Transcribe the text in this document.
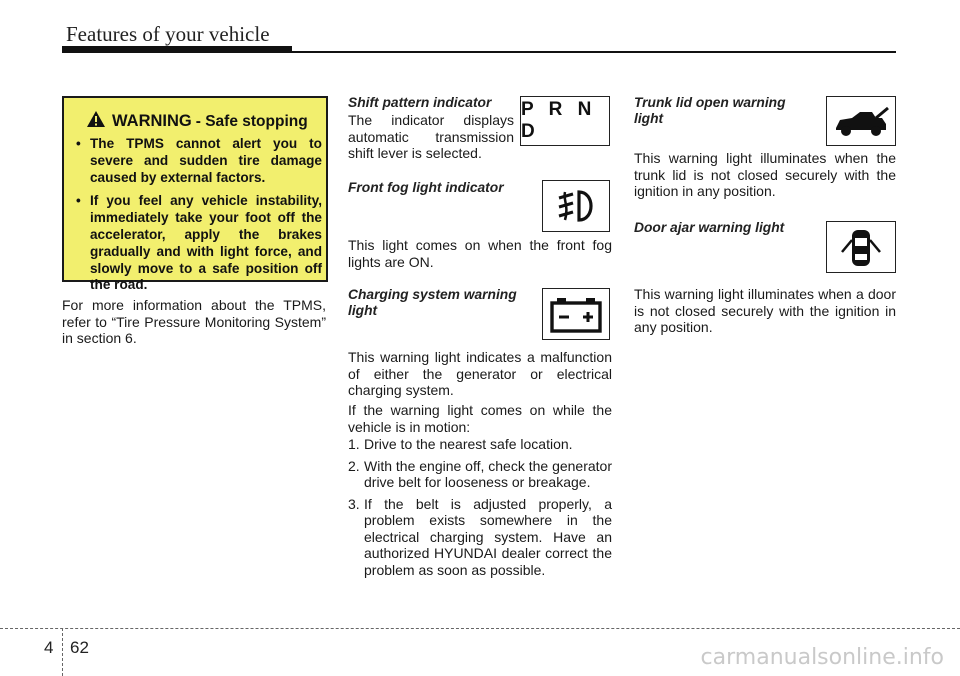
Features of your vehicle
WARNING - Safe stopping
• The TPMS cannot alert you to severe and sudden tire damage caused by external factors.
• If you feel any vehicle instability, immediately take your foot off the accelerator, apply the brakes gradually and with light force, and slowly move to a safe position off the road.
For more information about the TPMS, refer to “Tire Pressure Monitoring System” in section 6.
Shift pattern indicator
The indicator displays automatic transmission shift lever is selected.
P R N D
Front fog light indicator
This light comes on when the front fog lights are ON.
Charging system warning light
This warning light indicates a malfunction of either the generator or electrical charging system.
If the warning light comes on while the vehicle is in motion:
1. Drive to the nearest safe location.
2. With the engine off, check the generator drive belt for looseness or breakage.
3. If the belt is adjusted properly, a problem exists somewhere in the electrical charging system. Have an authorized HYUNDAI dealer correct the problem as soon as possible.
Trunk lid open warning light
This warning light illuminates when the trunk lid is not closed securely with the ignition in any position.
Door ajar warning light
This warning light illuminates when a door is not closed securely with the ignition in any position.
4 62	carmanualsonline.info
